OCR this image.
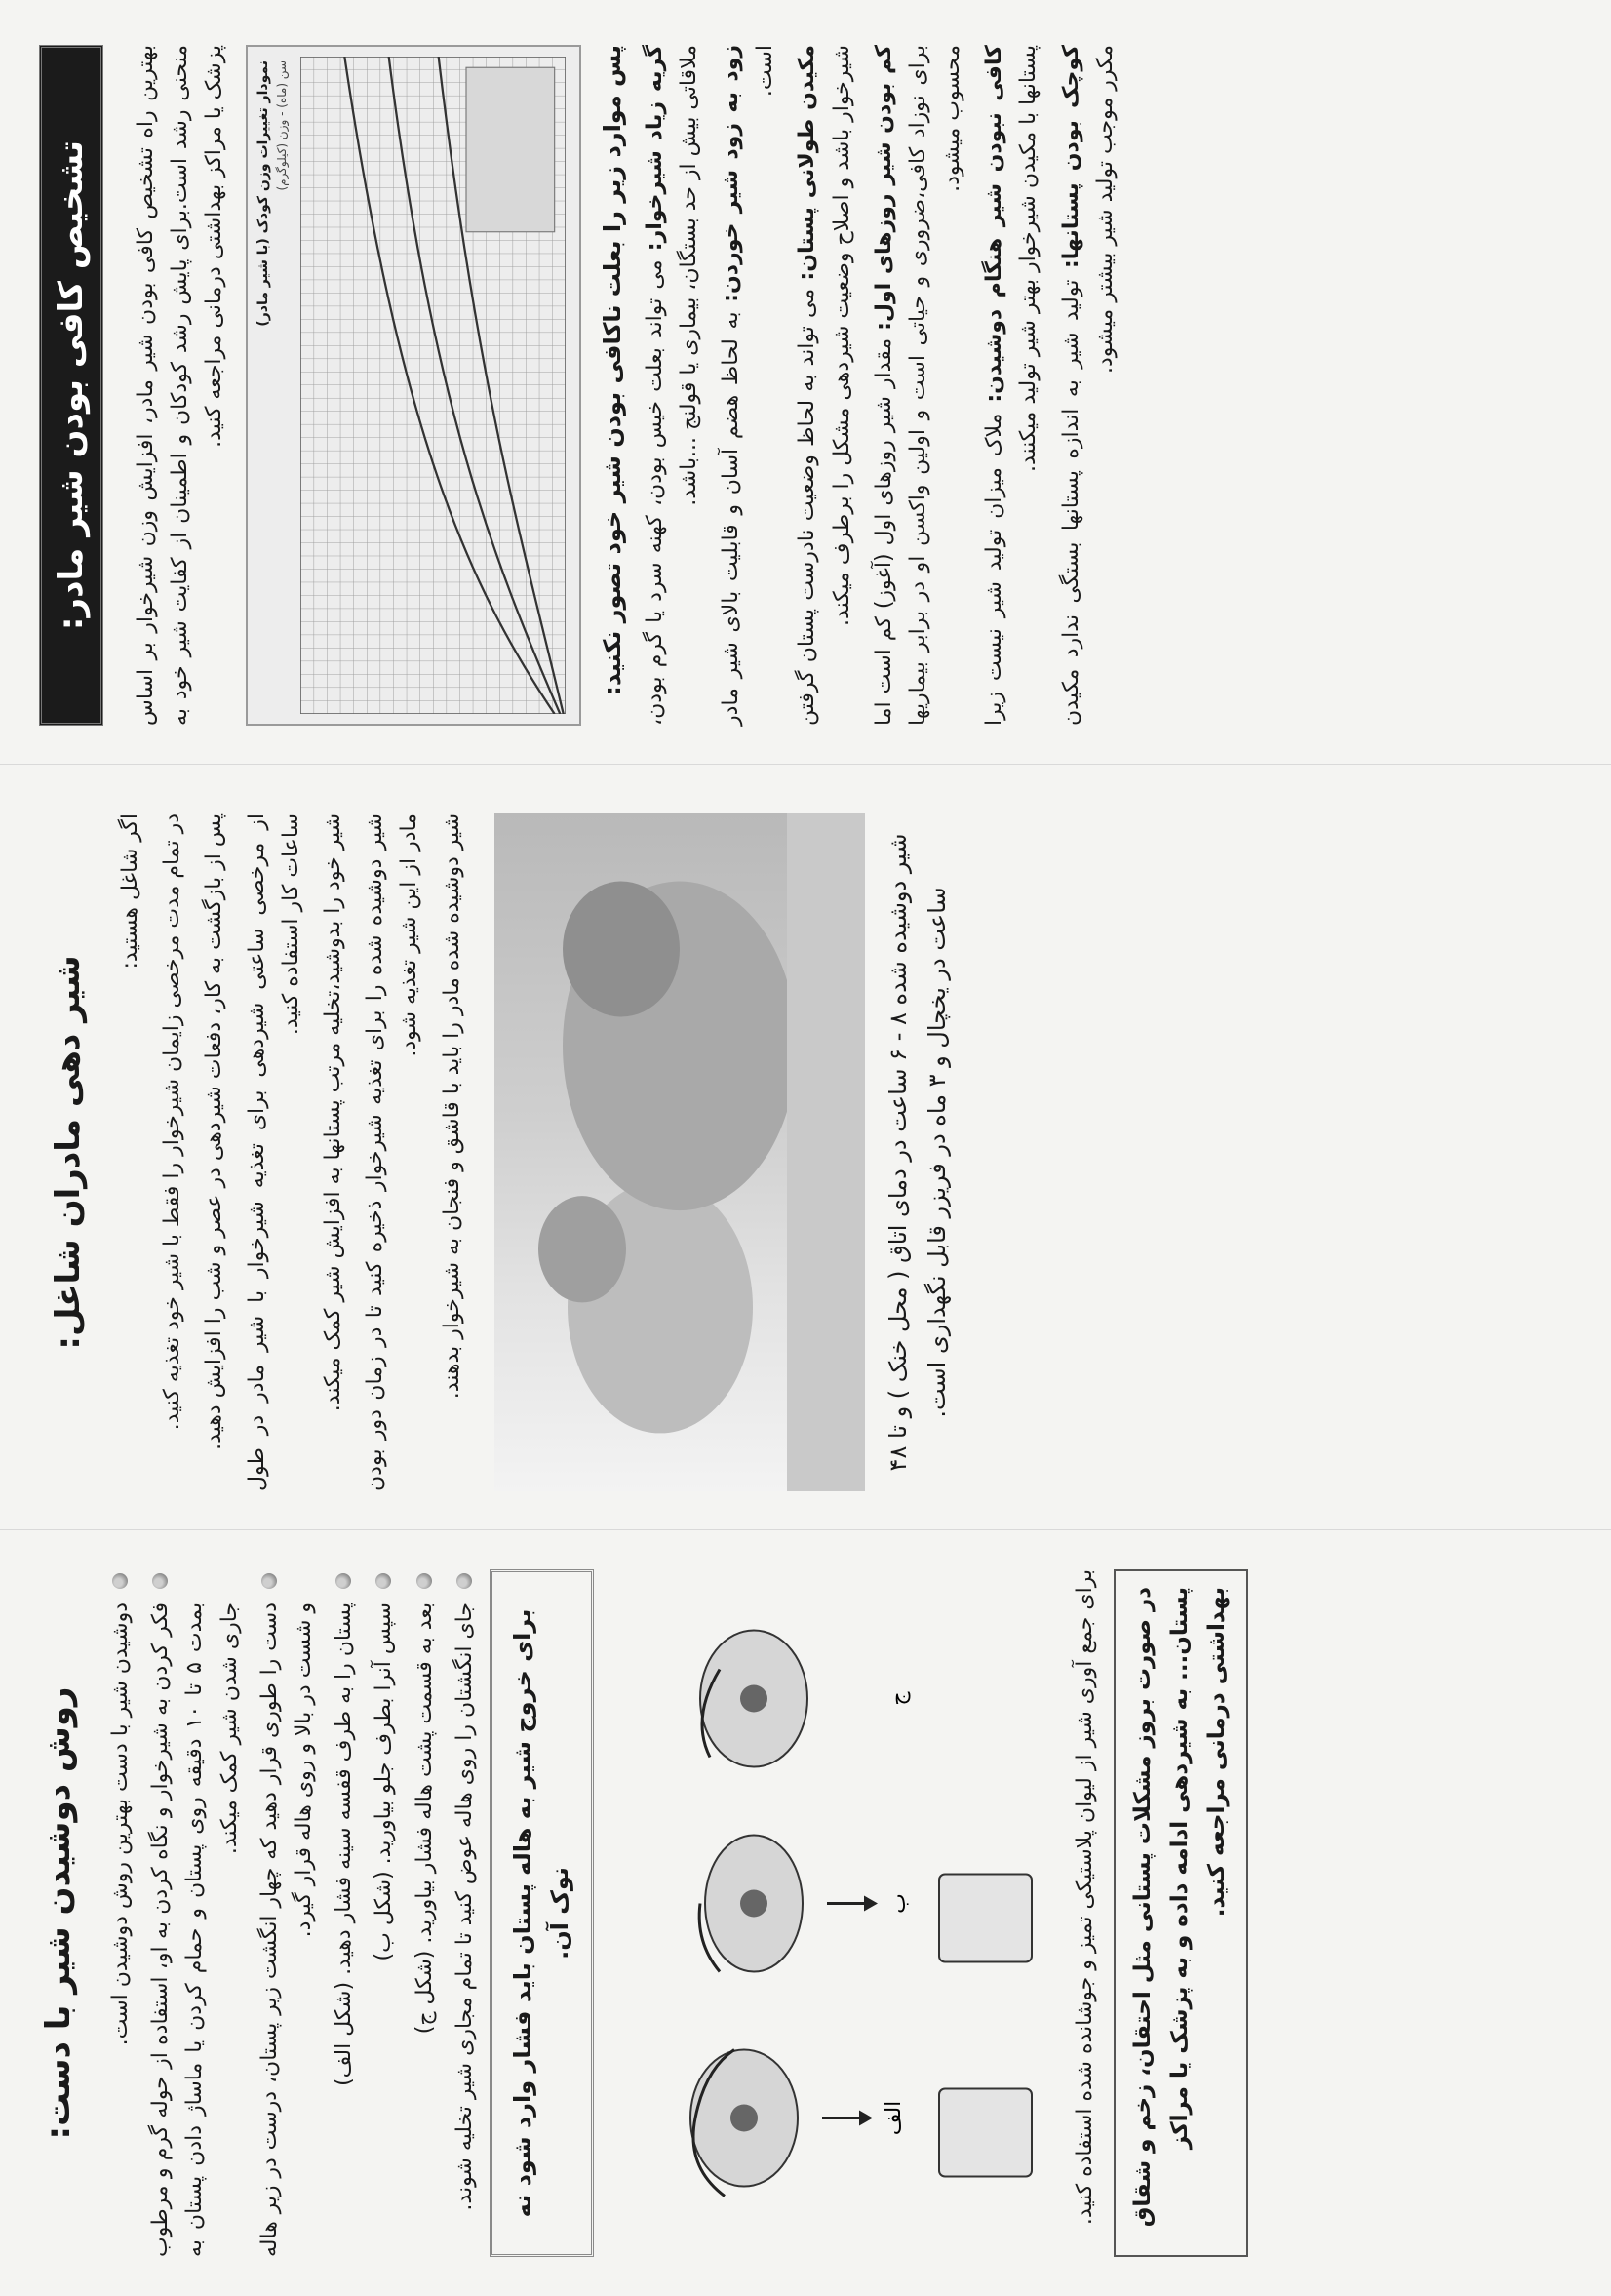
تشخیص کافی بودن شیر مادر:	بهترین راه تشخیص کافی بودن شیر مادر، افزایش وزن شیرخوار بر اساس منحنی رشد است.برای پایش رشد کودکان و اطمینان از کفایت شیر خود به پزشک یا مراکز بهداشتی درمانی مراجعه کنید.	نمودار تغییرات وزن کودک (با شیر مادر) سن (ماه) - وزن (کیلوگرم)	پس موارد زیر را بعلت ناکافی بودن شیر خود تصور نکنید: گریه زیاد شیرخوار: می تواند بعلت خیس بودن، کهنه سرد یا گرم بودن، ملاقاتی بیش از حد بستگان، بیماری یا قولنج ...باشد. زود به زود شیر خوردن: به لحاظ هضم آسان و قابلیت بالای شیر مادر است. مکیدن طولانی پستان: می تواند به لحاظ وضعیت نادرست پستان گرفتن شیرخوار باشد و اصلاح وضعیت شیردهی مشکل را برطرف میکند. کم بودن شیر روزهای اول: مقدار شیر روزهای اول (آغوز) کم است اما برای نوزاد کافی،ضروری و حیاتی است و اولین واکسن او در برابر بیماریها محسوب میشود. کافی نبودن شیر هنگام دوشیدن: ملاک میزان تولید شیر نیست زیرا پستانها با مکیدن شیرخوار بهتر شیر تولید میکنند. کوچک بودن پستانها: تولید شیر به اندازه پستانها بستگی ندارد مکیدن مکرر موجب تولید شیر بیشتر میشود.

شیر دهی مادران شاغل:

اگر شاغل هستید: در تمام مدت مرخصی زایمان شیرخوار را فقط با شیر خود تغذیه کنید. پس از بازگشت به کار، دفعات شیردهی در عصر و شب را افزایش دهید. از مرخصی ساعتی شیردهی برای تغذیه شیرخوار با شیر مادر در طول ساعات کار استفاده کنید. شیر خود را بدوشید،تخلیه مرتب پستانها به افزایش شیر کمک میکند. شیر دوشیده شده را برای تغذیه شیرخوار ذخیره کنید تا در زمان دور بودن مادر از این شیر تغذیه شود. شیر دوشیده شده مادر را باید با قاشق و فنجان به شیرخوار بدهند.

شیر دوشیده شده ۸ - ۶ ساعت در دمای اتاق ( محل خنک ) و تا ۴۸ ساعت در یخچال و ۳ ماه در فریزر قابل نگهداری است.

روش دوشیدن شیر با دست: دوشیدن شیر با دست بهترین روش دوشیدن است. فکر کردن به شیرخوار و نگاه کردن به او، استفاده از حوله گرم و مرطوب بمدت ۵ تا ۱۰ دقیقه روی پستان و حمام کردن یا ماساژ دادن پستان به جاری شدن شیر کمک میکند. دست را طوری قرار دهید که چهار انگشت زیر پستان، درست در زیر هاله و شست در بالا و روی هاله قرار گیرد. پستان را به طرف قفسه سینه فشار دهید. (شکل الف) سپس آنرا بطرف جلو بیاورید. (شکل ب) بعد به قسمت پشت هاله فشار بیاورید. (شکل ج) جای انگشتان را روی هاله عوض کنید تا تمام مجاری شیر تخلیه شوند.	برای خروج شیر به هاله پستان باید فشار وارد شود نه نوک آن.
الف
ب
ج	برای جمع آوری شیر از لیوان پلاستیکی تمیز و جوشانده شده استفاده کنید.	در صورت بروز مشکلات پستانی مثل احتقان، زخم و شقاق پستان... به شیردهی ادامه داده و به پزشک یا مراکز بهداشتی درمانی مراجعه کنید.
